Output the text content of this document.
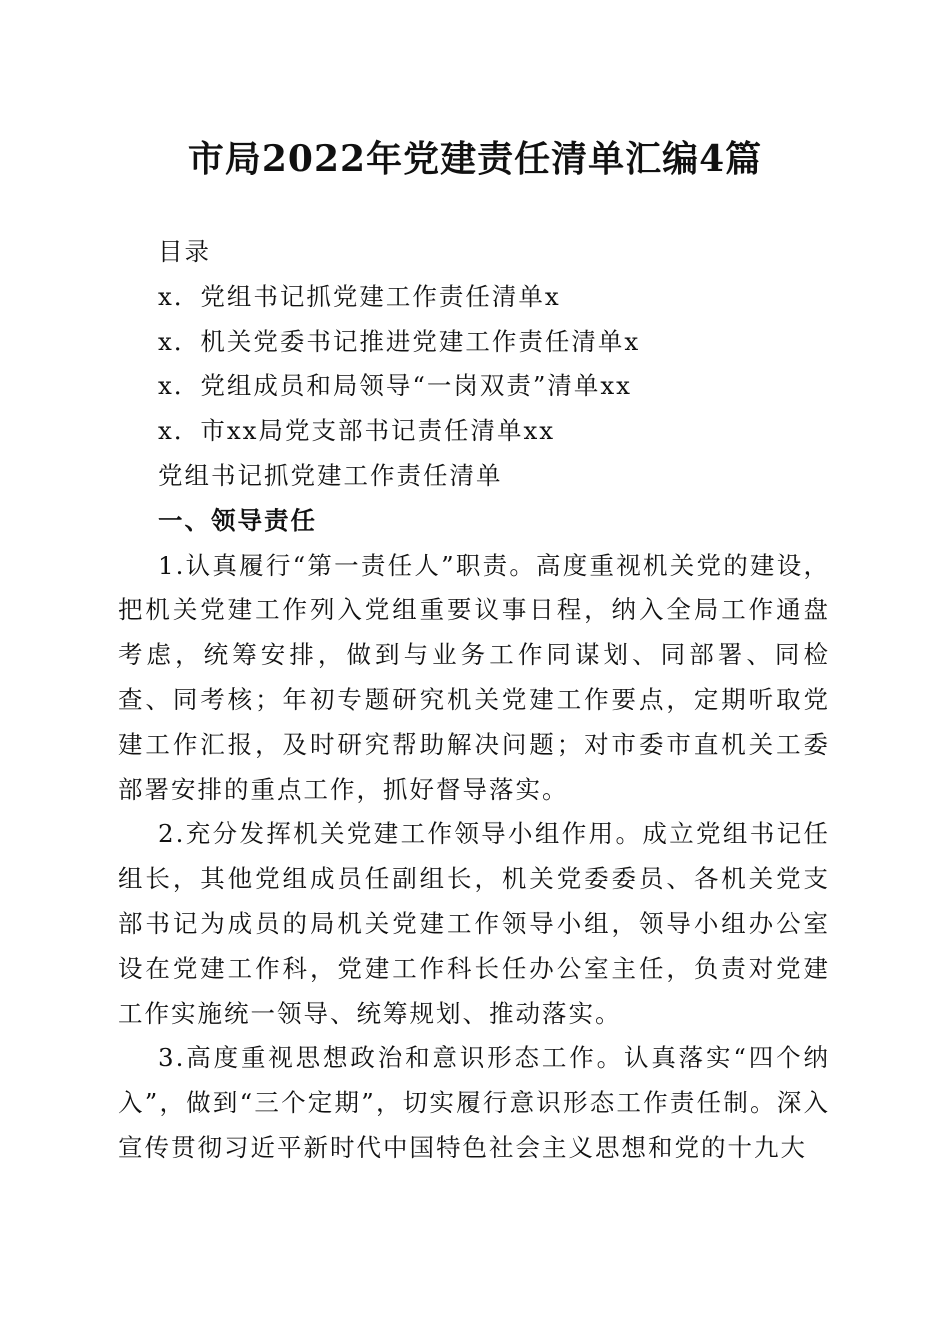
市局2022年党建责任清单汇编4篇

目录

x．党组书记抓党建工作责任清单x

x．机关党委书记推进党建工作责任清单x

x．党组成员和局领导“一岗双责”清单xx

x．市xx局党支部书记责任清单xx

党组书记抓党建工作责任清单

一、领导责任

1.认真履行“第一责任人”职责。高度重视机关党的建设，把机关党建工作列入党组重要议事日程，纳入全局工作通盘考虑，统筹安排，做到与业务工作同谋划、同部署、同检查、同考核；年初专题研究机关党建工作要点，定期听取党建工作汇报，及时研究帮助解决问题；对市委市直机关工委部署安排的重点工作，抓好督导落实。

2.充分发挥机关党建工作领导小组作用。成立党组书记任组长，其他党组成员任副组长，机关党委委员、各机关党支部书记为成员的局机关党建工作领导小组，领导小组办公室设在党建工作科，党建工作科长任办公室主任，负责对党建工作实施统一领导、统筹规划、推动落实。

3.高度重视思想政治和意识形态工作。认真落实“四个纳入”，做到“三个定期”，切实履行意识形态工作责任制。深入宣传贯彻习近平新时代中国特色社会主义思想和党的十九大
